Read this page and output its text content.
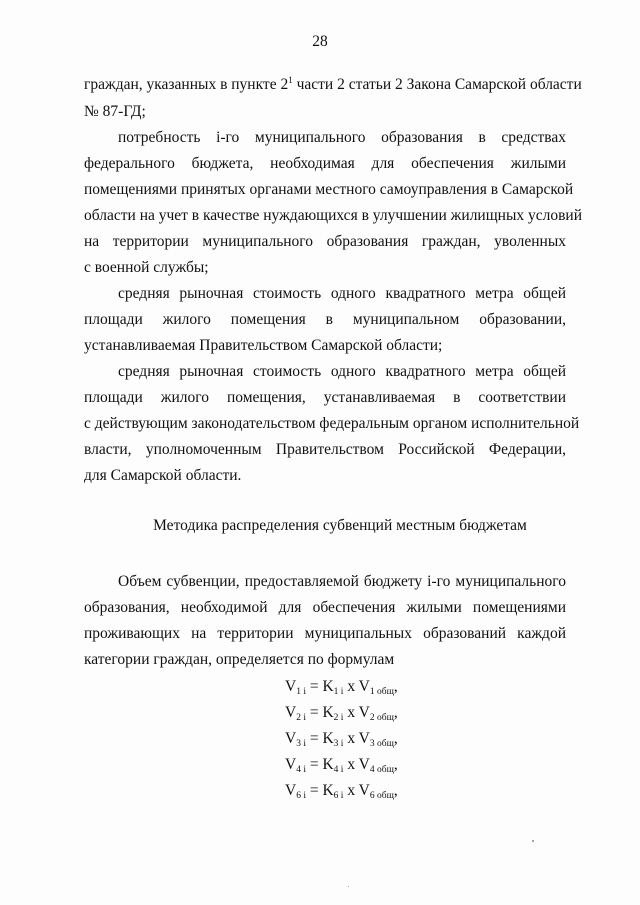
28
граждан, указанных в пункте $2^1$ части 2 статьи 2 Закона Самарской области
№ 87-ГД;
потребность i-го муниципального образования в средствах
федерального бюджета, необходимая для обеспечения жилыми
помещениями принятых органами местного самоуправления в Самарской
области на учет в качестве нуждающихся в улучшении жилищных условий
на территории муниципального образования граждан, уволенных
с военной службы;
средняя рыночная стоимость одного квадратного метра общей
площади жилого помещения в муниципальном образовании,
устанавливаемая Правительством Самарской области;
средняя рыночная стоимость одного квадратного метра общей
площади жилого помещения, устанавливаемая в соответствии
с действующим законодательством федеральным органом исполнительной
власти, уполномоченным Правительством Российской Федерации,
для Самарской области.
Методика распределения субвенций местным бюджетам
Объем субвенции, предоставляемой бюджету i-го муниципального
образования, необходимой для обеспечения жилыми помещениями
проживающих на территории муниципальных образований каждой
категории граждан, определяется по формулам
$V_{1 i} = K_{1 i}$ x $V_{1 общ}$,
$V_{2 i} = K_{2 i}$ x $V_{2 общ}$,
$V_{3 i} = K_{3 i}$ x $V_{3 общ}$,
$V_{4 i} = K_{4 i}$ x $V_{4 общ}$,
$V_{6 i} = K_{6 i}$ x $V_{6 общ}$,
